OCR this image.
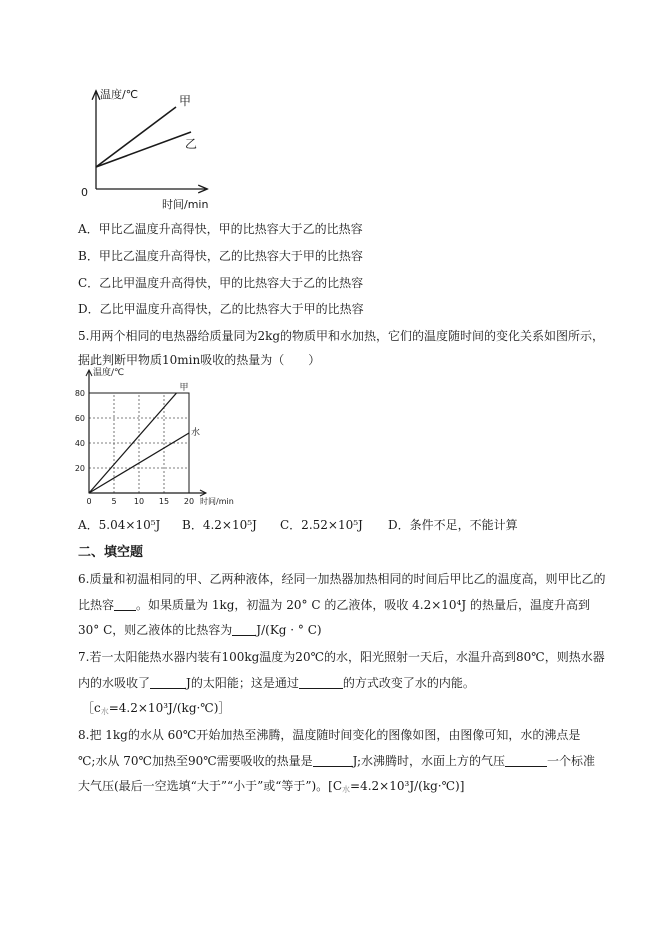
温度/℃	甲
乙
0
时间/min
A．甲比乙温度升高得快，甲的比热容大于乙的比热容
B．甲比乙温度升高得快，乙的比热容大于甲的比热容
C．乙比甲温度升高得快，甲的比热容大于乙的比热容
D．乙比甲温度升高得快，乙的比热容大于甲的比热容
5.用两个相同的电热器给质量同为2kg的物质甲和水加热，它们的温度随时间的变化关系如图所示，
据此判断甲物质10min吸收的热量为（　　）
甲
水
0 5 10 15 20
20
40
60
80
温度/℃
时间/min
A．5.04×10⁵J B．4.2×10⁵J C．2.52×10⁵J D．条件不足，不能计算
二、填空题
6.质量和初温相同的甲、乙两种液体，经同一加热器加热相同的时间后甲比乙的温度高，则甲比乙的
比热容 。如果质量为 1kg，初温为 20° C 的乙液体，吸收 4.2×10⁴J 的热量后，温度升高到
30° C，则乙液体的比热容为 J/(Kg · ° C)
7.若一太阳能热水器内装有100kg温度为20℃的水，阳光照射一天后，水温升高到80℃，则热水器
内的水吸收了	J的太阳能；这是通过	的方式改变了水的内能。
$[c_水=4.2\times 10^3J/(kg\cdot℃)]$
8.把 1kg的水从 60℃开始加热至沸腾，温度随时间变化的图像如图，由图像可知，水的沸点是
℃;水从 70℃加热至90℃需要吸收的热量是	J;水沸腾时，水面上方的气压	一个标准
大气压(最后一空选填“大于”“小于”或“等于”)。$[C_水=4.2\times 10^3J/(kg\cdot℃)]$
